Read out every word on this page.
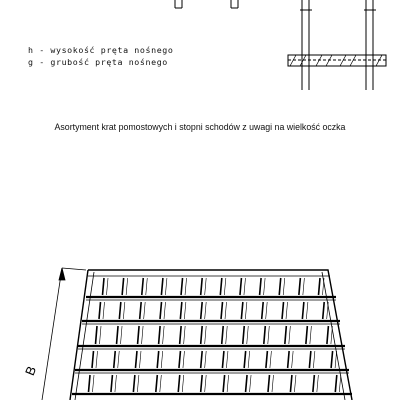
h - wysokość pręta nośnego
g - grubość pręta nośnego
Asortyment krat pomostowych i stopni schodów z uwagi na wielkość oczka
B
